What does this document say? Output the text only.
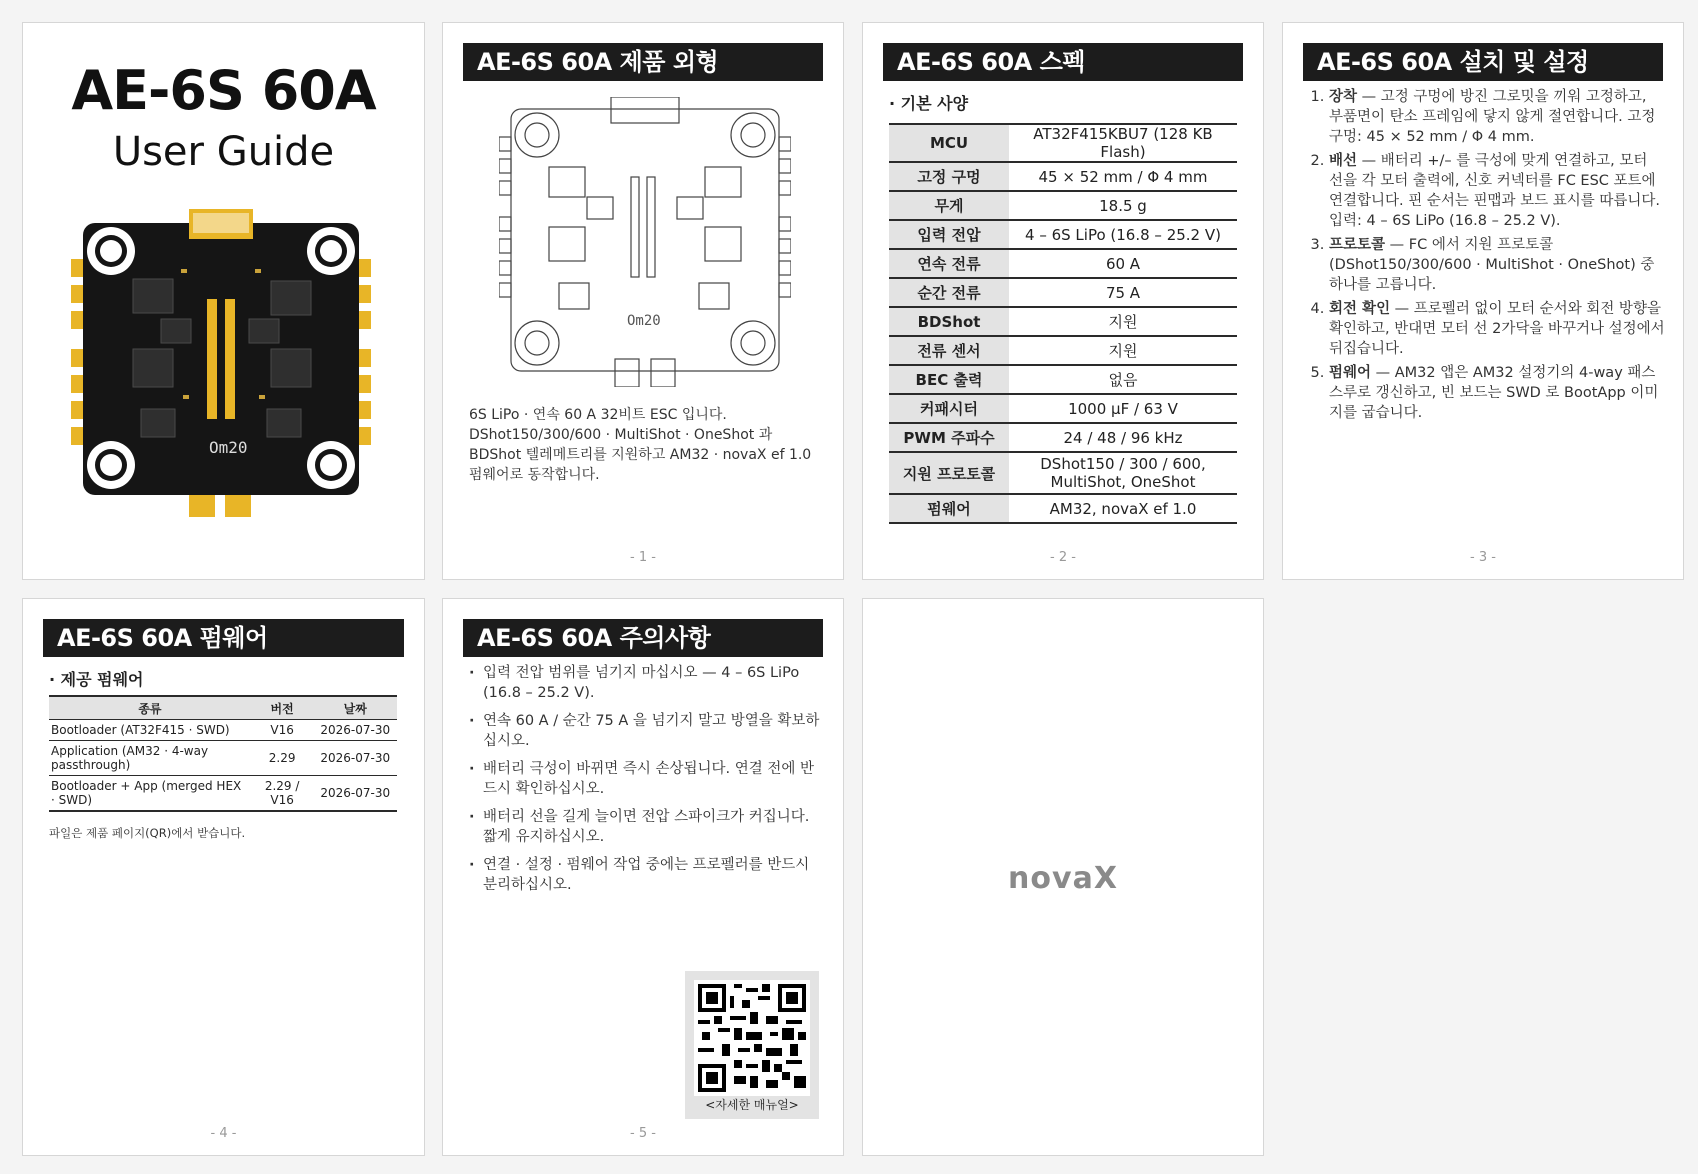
AE-6S 60A
User Guide
Om20
AE-6S 60A 제품 외형
Om20
6S LiPo · 연속 60 A 32비트 ESC 입니다. DShot150/300/600 · MultiShot · OneShot 과 BDShot 텔레메트리를 지원하고 AM32 · novaX ef 1.0 펌웨어로 동작합니다.
- 1 -
AE-6S 60A 스펙
· 기본 사양
MCU	AT32F415KBU7 (128 KB Flash)
고정 구멍	45 × 52 mm / Φ 4 mm
무게	18.5 g
입력 전압	4 – 6S LiPo (16.8 – 25.2 V)
연속 전류	60 A
순간 전류	75 A
BDShot	지원
전류 센서	지원
BEC 출력	없음
커패시터	1000 µF / 63 V
PWM 주파수	24 / 48 / 96 kHz
지원 프로토콜	DShot150 / 300 / 600, MultiShot, OneShot
펌웨어	AM32, novaX ef 1.0
- 2 -
AE-6S 60A 설치 및 설정
1. 장착 — 고정 구멍에 방진 그로밋을 끼워 고정하고, 부품면이 탄소 프레임에 닿지 않게 절연합니다. 고정 구멍: 45 × 52 mm / Φ 4 mm.
2. 배선 — 배터리 +/– 를 극성에 맞게 연결하고, 모터 선을 각 모터 출력에, 신호 커넥터를 FC ESC 포트에 연결합니다. 핀 순서는 핀맵과 보드 표시를 따릅니다. 입력: 4 – 6S LiPo (16.8 – 25.2 V).
3. 프로토콜 — FC 에서 지원 프로토콜 (DShot150/300/600 · MultiShot · OneShot) 중 하나를 고릅니다.
4. 회전 확인 — 프로펠러 없이 모터 순서와 회전 방향을 확인하고, 반대면 모터 선 2가닥을 바꾸거나 설정에서 뒤집습니다.
5. 펌웨어 — AM32 앱은 AM32 설정기의 4-way 패스스루로 갱신하고, 빈 보드는 SWD 로 BootApp 이미지를 굽습니다.
- 3 -
AE-6S 60A 펌웨어
· 제공 펌웨어
종류	버전	날짜
Bootloader (AT32F415 · SWD)	V16	2026-07-30
Application (AM32 · 4-way passthrough)	2.29	2026-07-30
Bootloader + App (merged HEX · SWD)	2.29 / V16	2026-07-30
파일은 제품 페이지(QR)에서 받습니다.
- 4 -
AE-6S 60A 주의사항
· 입력 전압 범위를 넘기지 마십시오 — 4 – 6S LiPo (16.8 – 25.2 V).
· 연속 60 A / 순간 75 A 을 넘기지 말고 방열을 확보하십시오.
· 배터리 극성이 바뀌면 즉시 손상됩니다. 연결 전에 반드시 확인하십시오.
· 배터리 선을 길게 늘이면 전압 스파이크가 커집니다. 짧게 유지하십시오.
· 연결 · 설정 · 펌웨어 작업 중에는 프로펠러를 반드시 분리하십시오.
<자세한 매뉴얼>
- 5 -
novaX
